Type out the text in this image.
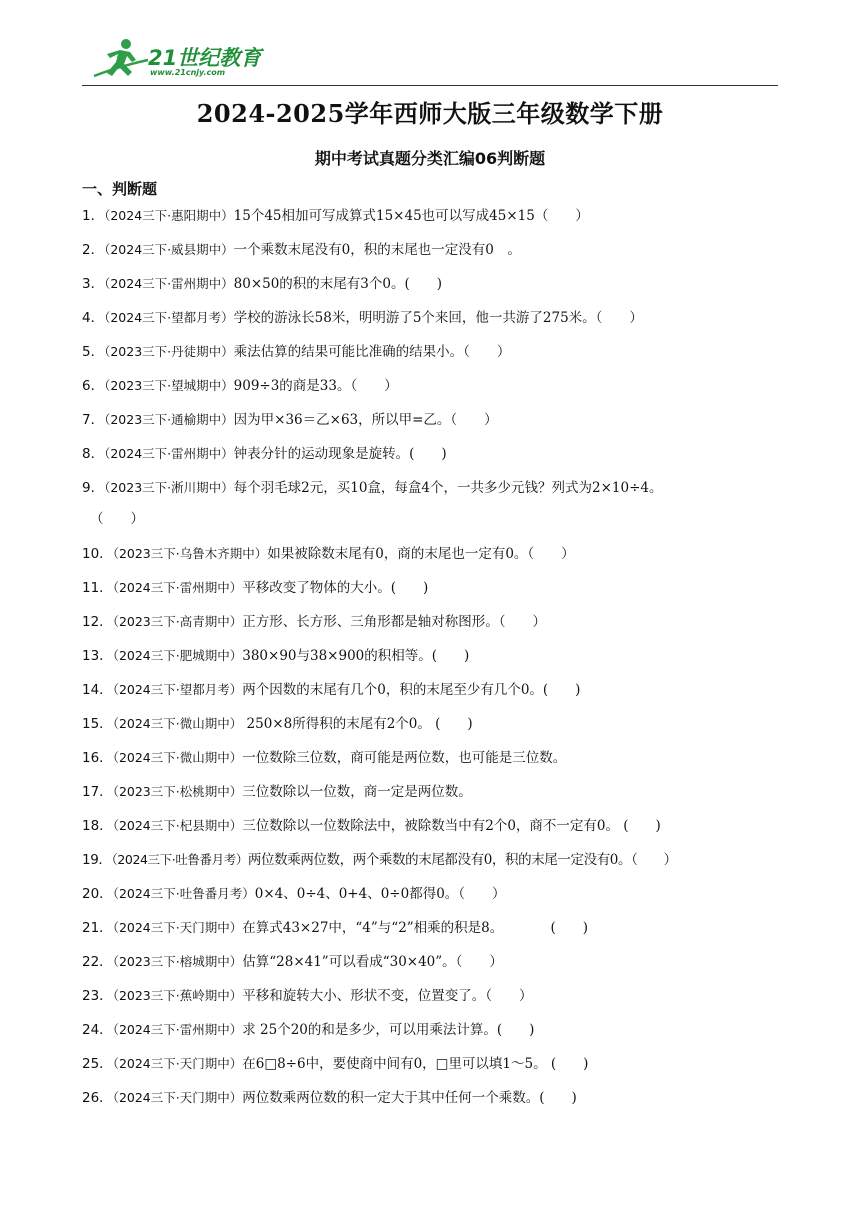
21世纪教育
www.21cnjy.com
2024-2025学年西师大版三年级数学下册
期中考试真题分类汇编06判断题
一、判断题
1．（2024三下·惠阳期中）15个45相加可写成算式15×45也可以写成45×15（　　）
2．（2024三下·威县期中）一个乘数末尾没有0，积的末尾也一定没有0　。
3．（2024三下·雷州期中）80×50的积的末尾有3个0。(　　)
4．（2024三下·望都月考）学校的游泳长58米，明明游了5个来回，他一共游了275米。（　　）
5．（2023三下·丹徒期中）乘法估算的结果可能比准确的结果小。（　　）
6．（2023三下·望城期中）909÷3的商是33。（　　）
7．（2023三下·通榆期中）因为甲×36＝乙×63，所以甲=乙。（　　）
8．（2024三下·雷州期中）钟表分针的运动现象是旋转。(　　)
9．（2023三下·淅川期中）每个羽毛球2元，买10盒，每盒4个，一共多少元钱？列式为2×10÷4。
（　　）
10．（2023三下·乌鲁木齐期中）如果被除数末尾有0，商的末尾也一定有0。（　　）
11．（2024三下·雷州期中）平移改变了物体的大小。(　　)
12．（2023三下·高青期中）正方形、长方形、三角形都是轴对称图形。（　　）
13．（2024三下·肥城期中）380×90与38×900的积相等。(　　)
14．（2024三下·望都月考）两个因数的末尾有几个0，积的末尾至少有几个0。(　　)
15．（2024三下·微山期中） 250×8所得积的末尾有2个0。 (　　)
16．（2024三下·微山期中）一位数除三位数，商可能是两位数，也可能是三位数。
17．（2023三下·松桃期中）三位数除以一位数，商一定是两位数。
18．（2024三下·杞县期中）三位数除以一位数除法中，被除数当中有2个0，商不一定有0。 (　　)
19．（2024三下·吐鲁番月考）两位数乘两位数，两个乘数的末尾都没有0，积的末尾一定没有0。（　　）
20．（2024三下·吐鲁番月考）0×4、0÷4、0+4、0÷0都得0。（　　）
21．（2024三下·天门期中）在算式43×27中，“4”与“2”相乘的积是8。　　　　(　　)
22．（2023三下·榕城期中）估算“28×41”可以看成“30×40”。（　　）
23．（2023三下·蕉岭期中）平移和旋转大小、形状不变，位置变了。（　　）
24．（2024三下·雷州期中）求 25个20的和是多少，可以用乘法计算。(　　)
25．（2024三下·天门期中）在6□8÷6中，要使商中间有0，□里可以填1～5。 (　　)
26．（2024三下·天门期中）两位数乘两位数的积一定大于其中任何一个乘数。(　　)
